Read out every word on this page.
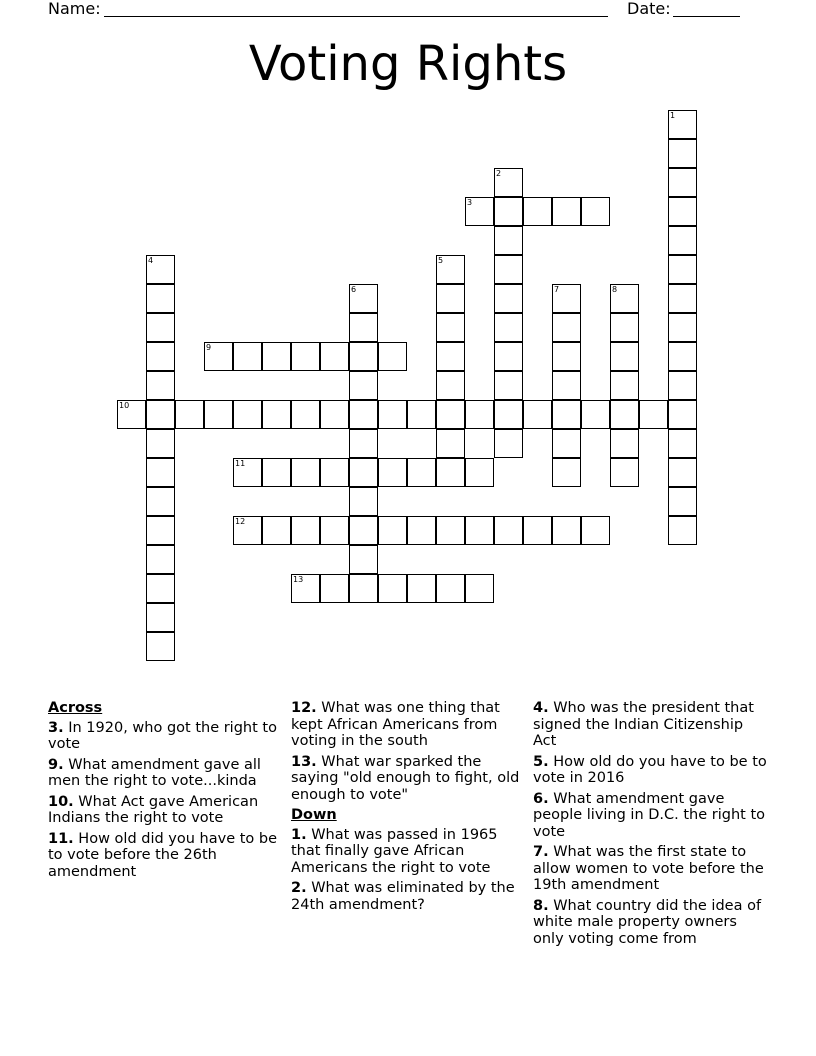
Name:	Date:
Voting Rights
1
2
3
4	5
6	7	8
9
10
11
12
13
Across
3. In 1920, who got the right to vote
9. What amendment gave all men the right to vote...kinda
10. What Act gave American Indians the right to vote
11. How old did you have to be to vote before the 26th amendment
12. What was one thing that kept African Americans from voting in the south
13. What war sparked the saying "old enough to fight, old enough to vote"
Down
1. What was passed in 1965 that finally gave African Americans the right to vote
2. What was eliminated by the 24th amendment?
4. Who was the president that signed the Indian Citizenship Act
5. How old do you have to be to vote in 2016
6. What amendment gave people living in D.C. the right to vote
7. What was the first state to allow women to vote before the 19th amendment
8. What country did the idea of white male property owners only voting come from
